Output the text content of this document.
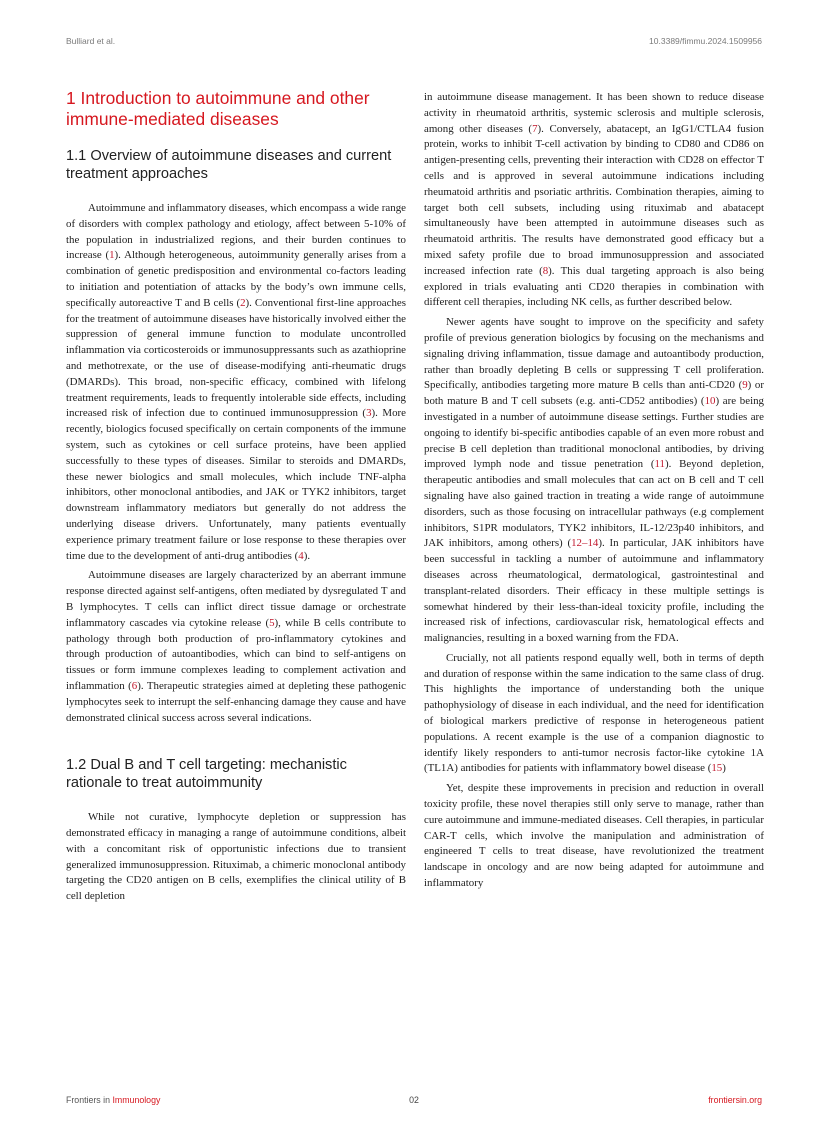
Bulliard et al.	10.3389/fimmu.2024.1509956
1 Introduction to autoimmune and other immune-mediated diseases
1.1 Overview of autoimmune diseases and current treatment approaches

Autoimmune and inflammatory diseases, which encompass a wide range of disorders with complex pathology and etiology, affect between 5-10% of the population in industrialized regions, and their burden continues to increase (1). Although heterogeneous, autoimmunity generally arises from a combination of genetic predisposition and environmental co-factors leading to initiation and potentiation of attacks by the body’s own immune cells, specifically autoreactive T and B cells (2). Conventional first-line approaches for the treatment of autoimmune diseases have historically involved either the suppression of general immune function to modulate uncontrolled inflammation via corticosteroids or immunosuppressants such as azathioprine and methotrexate, or the use of disease-modifying anti-rheumatic drugs (DMARDs). This broad, non-specific efficacy, combined with lifelong treatment requirements, leads to frequently intolerable side effects, including increased risk of infection due to continued immunosuppression (3). More recently, biologics focused specifically on certain components of the immune system, such as cytokines or cell surface proteins, have been applied successfully to these types of diseases. Similar to steroids and DMARDs, these newer biologics and small molecules, which include TNF-alpha inhibitors, other monoclonal antibodies, and JAK or TYK2 inhibitors, target downstream inflammatory mediators but generally do not address the underlying disease drivers. Unfortunately, many patients eventually experience primary treatment failure or lose response to these therapies over time due to the development of anti-drug antibodies (4).

Autoimmune diseases are largely characterized by an aberrant immune response directed against self-antigens, often mediated by dysregulated T and B lymphocytes. T cells can inflict direct tissue damage or orchestrate inflammatory cascades via cytokine release (5), while B cells contribute to pathology through both production of pro-inflammatory cytokines and through production of autoantibodies, which can bind to self-antigens on tissues or form immune complexes leading to complement activation and inflammation (6). Therapeutic strategies aimed at depleting these pathogenic lymphocytes seek to interrupt the self-enhancing damage they cause and have demonstrated clinical success across several indications.

1.2 Dual B and T cell targeting: mechanistic rationale to treat autoimmunity

While not curative, lymphocyte depletion or suppression has demonstrated efficacy in managing a range of autoimmune conditions, albeit with a concomitant risk of opportunistic infections due to transient generalized immunosuppression. Rituximab, a chimeric monoclonal antibody targeting the CD20 antigen on B cells, exemplifies the clinical utility of B cell depletion

in autoimmune disease management. It has been shown to reduce disease activity in rheumatoid arthritis, systemic sclerosis and multiple sclerosis, among other diseases (7). Conversely, abatacept, an IgG1/CTLA4 fusion protein, works to inhibit T-cell activation by binding to CD80 and CD86 on antigen-presenting cells, preventing their interaction with CD28 on effector T cells and is approved in several autoimmune indications including rheumatoid arthritis and psoriatic arthritis. Combination therapies, aiming to target both cell subsets, including using rituximab and abatacept simultaneously have been attempted in autoimmune diseases such as rheumatoid arthritis. The results have demonstrated good efficacy but a mixed safety profile due to broad immunosuppression and associated increased infection rate (8). This dual targeting approach is also being explored in trials evaluating anti CD20 therapies in combination with different cell therapies, including NK cells, as further described below.

Newer agents have sought to improve on the specificity and safety profile of previous generation biologics by focusing on the mechanisms and signaling driving inflammation, tissue damage and autoantibody production, rather than broadly depleting B cells or suppressing T cell proliferation. Specifically, antibodies targeting more mature B cells than anti-CD20 (9) or both mature B and T cell subsets (e.g. anti-CD52 antibodies) (10) are being investigated in a number of autoimmune disease settings. Further studies are ongoing to identify bi-specific antibodies capable of an even more robust and precise B cell depletion than traditional monoclonal antibodies, by driving improved lymph node and tissue penetration (11). Beyond depletion, therapeutic antibodies and small molecules that can act on B cell and T cell signaling have also gained traction in treating a wide range of autoimmune disorders, such as those focusing on intracellular pathways (e.g complement inhibitors, S1PR modulators, TYK2 inhibitors, IL-12/23p40 inhibitors, and JAK inhibitors, among others) (12–14). In particular, JAK inhibitors have been successful in tackling a number of autoimmune and inflammatory diseases across rheumatological, dermatological, gastrointestinal and transplant-related disorders. Their efficacy in these multiple settings is somewhat hindered by their less-than-ideal toxicity profile, including the increased risk of infections, cardiovascular risk, hematological effects and malignancies, resulting in a boxed warning from the FDA.

Crucially, not all patients respond equally well, both in terms of depth and duration of response within the same indication to the same class of drug. This highlights the importance of understanding both the unique pathophysiology of disease in each individual, and the need for identification of biological markers predictive of response in heterogeneous patient populations. A recent example is the use of a companion diagnostic to identify likely responders to anti-tumor necrosis factor-like cytokine 1A (TL1A) antibodies for patients with inflammatory bowel disease (15)

Yet, despite these improvements in precision and reduction in overall toxicity profile, these novel therapies still only serve to manage, rather than cure autoimmune and immune-mediated diseases. Cell therapies, in particular CAR-T cells, which involve the manipulation and administration of engineered T cells to treat disease, have revolutionized the treatment landscape in oncology and are now being adapted for autoimmune and inflammatory

Frontiers in Immunology	02	frontiersin.org
